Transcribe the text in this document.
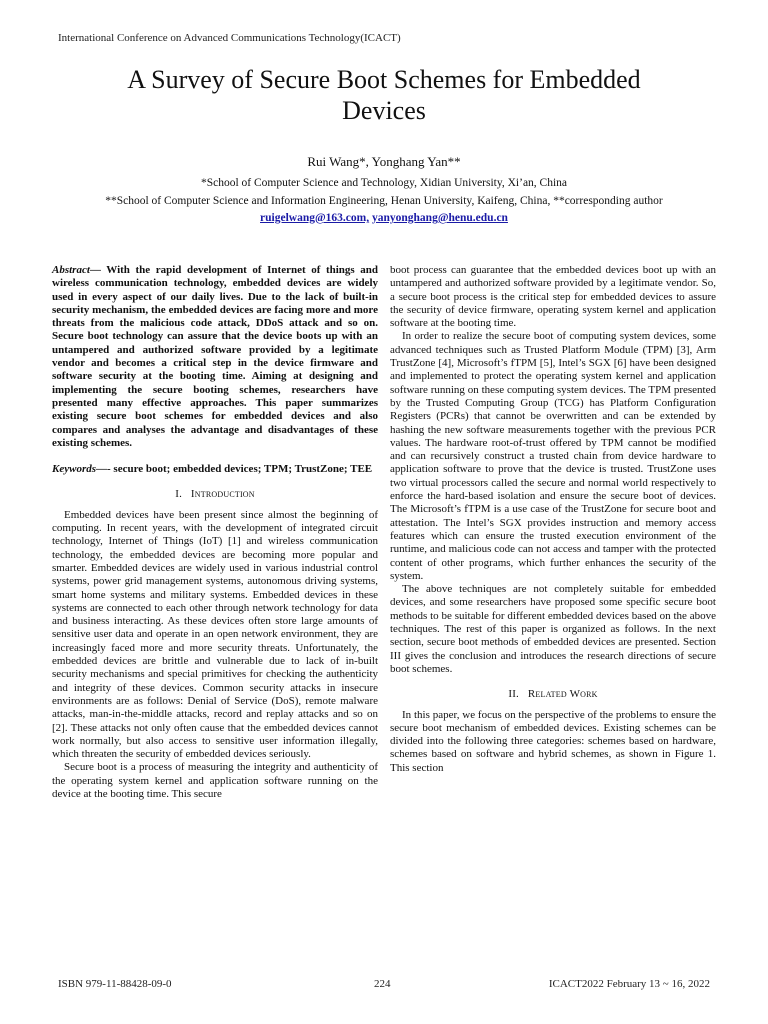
International Conference on Advanced Communications Technology(ICACT)
A Survey of Secure Boot Schemes for Embedded
Devices
Rui Wang*, Yonghang Yan**
*School of Computer Science and Technology, Xidian University, Xi’an, China
**School of Computer Science and Information Engineering, Henan University, Kaifeng, China, **corresponding author
ruigelwang@163.com, yanyonghang@henu.edu.cn

Abstract— With the rapid development of Internet of things and wireless communication technology, embedded devices are widely used in every aspect of our daily lives. Due to the lack of built-in security mechanism, the embedded devices are facing more and more threats from the malicious code attack, DDoS attack and so on. Secure boot technology can assure that the device boots up with an untampered and authorized software provided by a legitimate vendor and becomes a critical step in the device firmware and software security at the booting time. Aiming at designing and implementing the secure booting schemes, researchers have presented many effective approaches. This paper summarizes existing secure boot schemes for embedded devices and also compares and analyses the advantage and disadvantages of these existing schemes.

Keywords—- secure boot; embedded devices; TPM; TrustZone; TEE

I. Introduction

Embedded devices have been present since almost the beginning of computing. In recent years, with the development of integrated circuit technology, Internet of Things (IoT) [1] and wireless communication technology, the embedded devices are becoming more popular and smarter. Embedded devices are widely used in various industrial control systems, power grid management systems, autonomous driving systems, smart home systems and military systems. Embedded devices in these systems are connected to each other through network technology for data and business interacting. As these devices often store large amounts of sensitive user data and operate in an open network environment, they are increasingly faced more and more security threats. Unfortunately, the embedded devices are brittle and vulnerable due to lack of in-built security mechanisms and special primitives for checking the authenticity and integrity of these devices. Common security attacks in insecure environments are as follows: Denial of Service (DoS), remote malware attacks, man-in-the-middle attacks, record and replay attacks and so on [2]. These attacks not only often cause that the embedded devices cannot work normally, but also access to sensitive user information illegally, which threaten the security of embedded devices seriously.

Secure boot is a process of measuring the integrity and authenticity of the operating system kernel and application software running on the device at the booting time. This secure

boot process can guarantee that the embedded devices boot up with an untampered and authorized software provided by a legitimate vendor. So, a secure boot process is the critical step for embedded devices to assure the security of device firmware, operating system kernel and application software at the booting time.

In order to realize the secure boot of computing system devices, some advanced techniques such as Trusted Platform Module (TPM) [3], Arm TrustZone [4], Microsoft’s fTPM [5], Intel’s SGX [6] have been designed and implemented to protect the operating system kernel and application software running on these computing system devices. The TPM presented by the Trusted Computing Group (TCG) has Platform Configuration Registers (PCRs) that cannot be overwritten and can be extended by hashing the new software measurements together with the previous PCR values. The hardware root-of-trust offered by TPM cannot be modified and can recursively construct a trusted chain from device hardware to application software to prove that the device is trusted. TrustZone uses two virtual processors called the secure and normal world respectively to enforce the hard-based isolation and ensure the secure boot of devices. The Microsoft’s fTPM is a use case of the TrustZone for secure boot and attestation. The Intel’s SGX provides instruction and memory access features which can ensure the trusted execution environment of the runtime, and malicious code can not access and tamper with the protected content of other programs, which further enhances the security of the system.

The above techniques are not completely suitable for embedded devices, and some researchers have proposed some specific secure boot methods to be suitable for different embedded devices based on the above techniques. The rest of this paper is organized as follows. In the next section, secure boot methods of embedded devices are presented. Section III gives the conclusion and introduces the research directions of secure boot schemes.

II. Related Work

In this paper, we focus on the perspective of the problems to ensure the secure boot mechanism of embedded devices. Existing schemes can be divided into the following three categories: schemes based on hardware, schemes based on software and hybrid schemes, as shown in Figure 1. This section

ISBN 979-11-88428-09-0	224	ICACT2022 February 13 ~ 16, 2022
